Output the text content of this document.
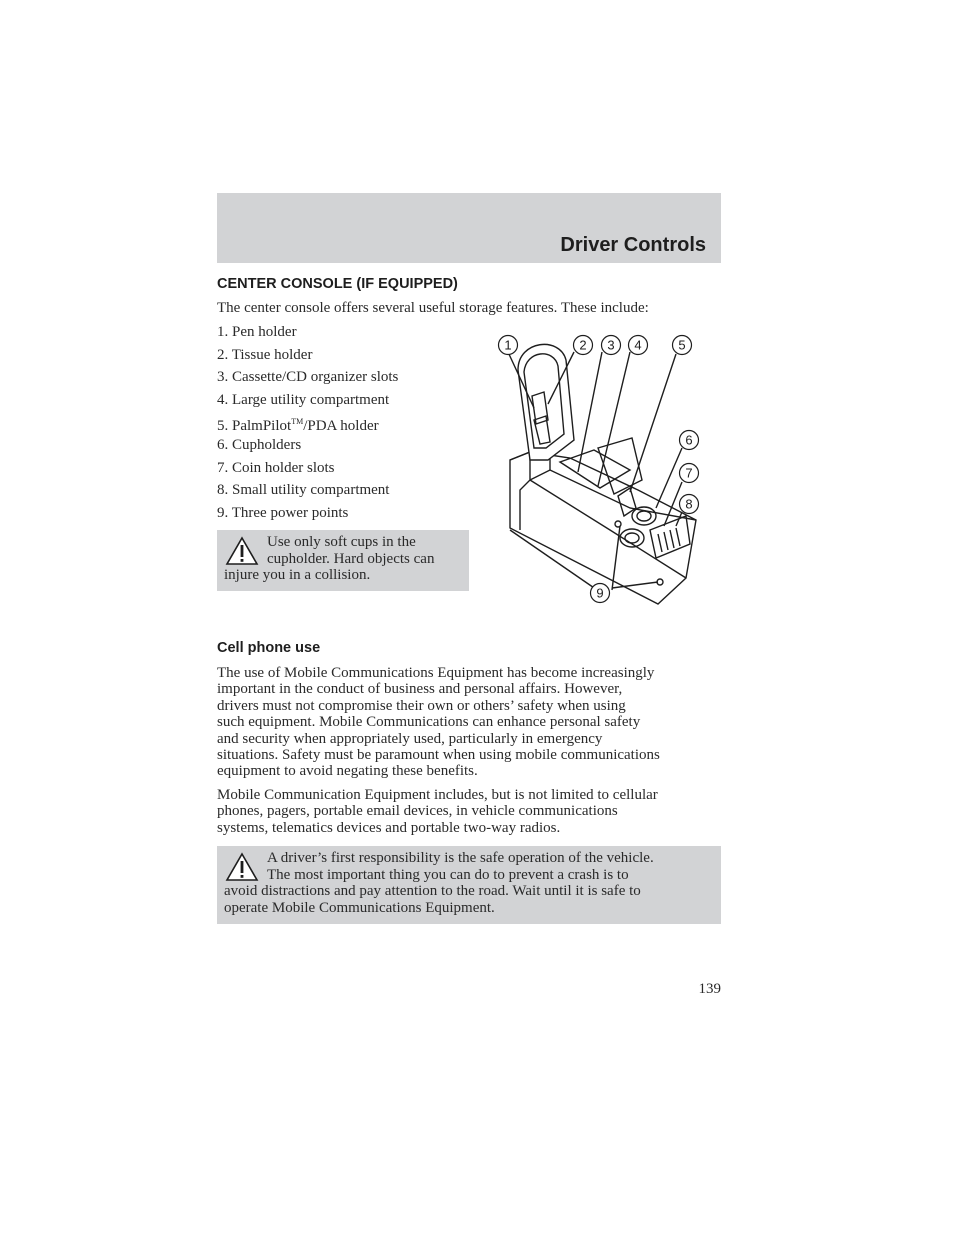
Driver Controls
CENTER CONSOLE (IF EQUIPPED)
The center console offers several useful storage features. These include:
1. Pen holder
2. Tissue holder
3. Cassette/CD organizer slots
4. Large utility compartment
5. PalmPilot™/PDA holder
6. Cupholders
7. Coin holder slots
8. Small utility compartment
9. Three power points
Use only soft cups in the
cupholder. Hard objects can
injure you in a collision.
1	2 3 4	5
6
7
8
9
Cell phone use
The use of Mobile Communications Equipment has become increasingly
important in the conduct of business and personal affairs. However,
drivers must not compromise their own or others’ safety when using
such equipment. Mobile Communications can enhance personal safety
and security when appropriately used, particularly in emergency
situations. Safety must be paramount when using mobile communications
equipment to avoid negating these benefits.
Mobile Communication Equipment includes, but is not limited to cellular
phones, pagers, portable email devices, in vehicle communications
systems, telematics devices and portable two-way radios.
A driver’s first responsibility is the safe operation of the vehicle.
The most important thing you can do to prevent a crash is to
avoid distractions and pay attention to the road. Wait until it is safe to
operate Mobile Communications Equipment.
139
